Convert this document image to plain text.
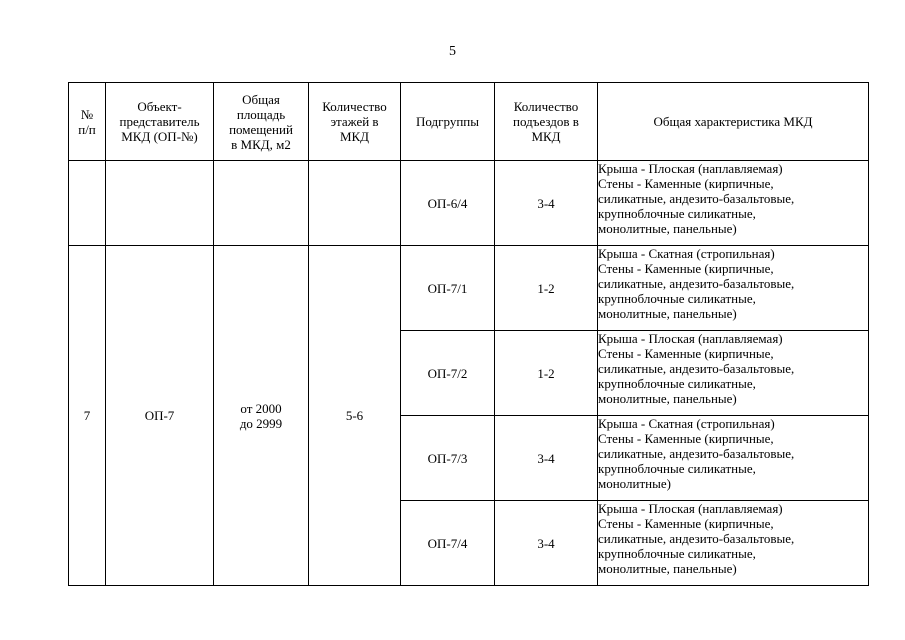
5
№
п/п	Объект-
представитель
МКД (ОП-№)	Общая
площадь
помещений
в МКД, м2	Количество
этажей в
МКД	Подгруппы	Количество
подъездов в
МКД	Общая характеристика МКД

				ОП-6/4	3-4	Крыша - Плоская (наплавляемая)
Стены - Каменные (кирпичные,
силикатные, андезито-базальтовые,
крупноблочные силикатные,
монолитные, панельные)

7	ОП-7	от 2000
до 2999	5-6	ОП-7/1	1-2	Крыша - Скатная (стропильная)
Стены - Каменные (кирпичные,
силикатные, андезито-базальтовые,
крупноблочные силикатные,
монолитные, панельные)

				ОП-7/2	1-2	Крыша - Плоская (наплавляемая)
Стены - Каменные (кирпичные,
силикатные, андезито-базальтовые,
крупноблочные силикатные,
монолитные, панельные)

				ОП-7/3	3-4	Крыша - Скатная (стропильная)
Стены - Каменные (кирпичные,
силикатные, андезито-базальтовые,
крупноблочные силикатные,
монолитные)

				ОП-7/4	3-4	Крыша - Плоская (наплавляемая)
Стены - Каменные (кирпичные,
силикатные, андезито-базальтовые,
крупноблочные силикатные,
монолитные, панельные)
